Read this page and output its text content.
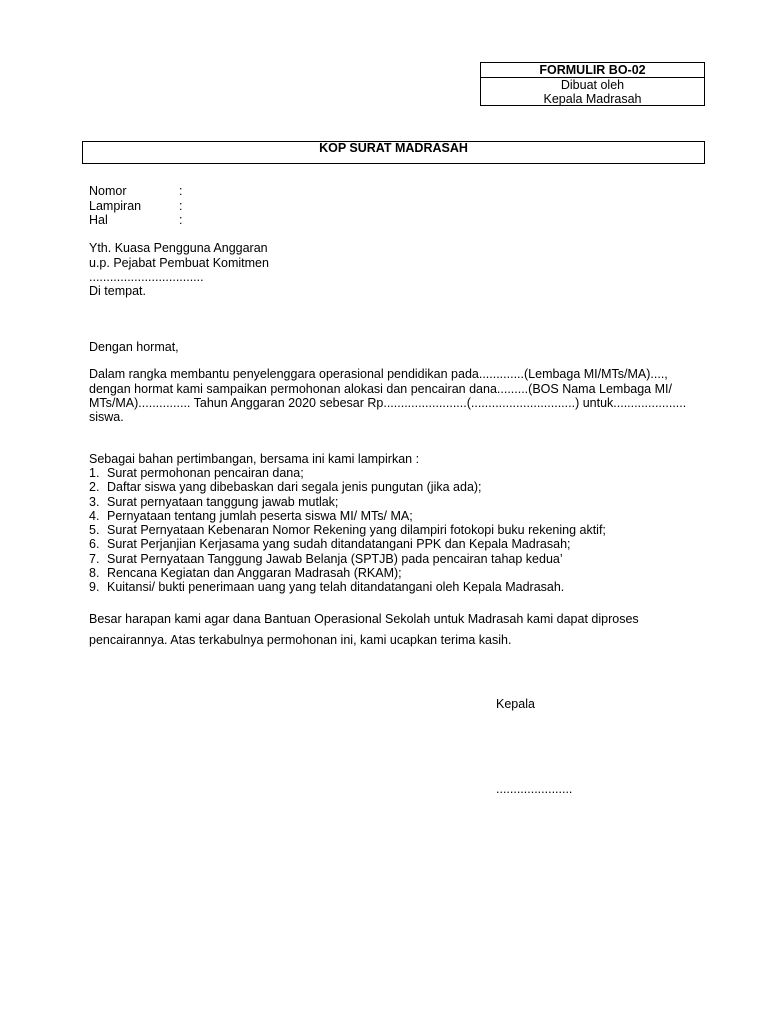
FORMULIR BO-02
Dibuat oleh
Kepala Madrasah
KOP SURAT MADRASAH
Nomor	:
Lampiran	:
Hal	:
Yth. Kuasa Pengguna Anggaran
u.p. Pejabat Pembuat Komitmen
.................................
Di tempat.
Dengan hormat,
Dalam rangka membantu penyelenggara operasional pendidikan pada.............(Lembaga MI/MTs/MA)....,
dengan hormat kami sampaikan permohonan alokasi dan pencairan dana.........(BOS Nama Lembaga MI/
MTs/MA)............... Tahun Anggaran 2020 sebesar Rp........................(..............................) untuk.....................
siswa.
Sebagai bahan pertimbangan, bersama ini kami lampirkan :
1. Surat permohonan pencairan dana;
2. Daftar siswa yang dibebaskan dari segala jenis pungutan (jika ada);
3. Surat pernyataan tanggung jawab mutlak;
4. Pernyataan tentang jumlah peserta siswa MI/ MTs/ MA;
5. Surat Pernyataan Kebenaran Nomor Rekening yang dilampiri fotokopi buku rekening aktif;
6. Surat Perjanjian Kerjasama yang sudah ditandatangani PPK dan Kepala Madrasah;
7. Surat Pernyataan Tanggung Jawab Belanja (SPTJB) pada pencairan tahap kedua’
8. Rencana Kegiatan dan Anggaran Madrasah (RKAM);
9. Kuitansi/ bukti penerimaan uang yang telah ditandatangani oleh Kepala Madrasah.
Besar harapan kami agar dana Bantuan Operasional Sekolah untuk Madrasah kami dapat diproses
pencairannya. Atas terkabulnya permohonan ini, kami ucapkan terima kasih.
Kepala
......................
